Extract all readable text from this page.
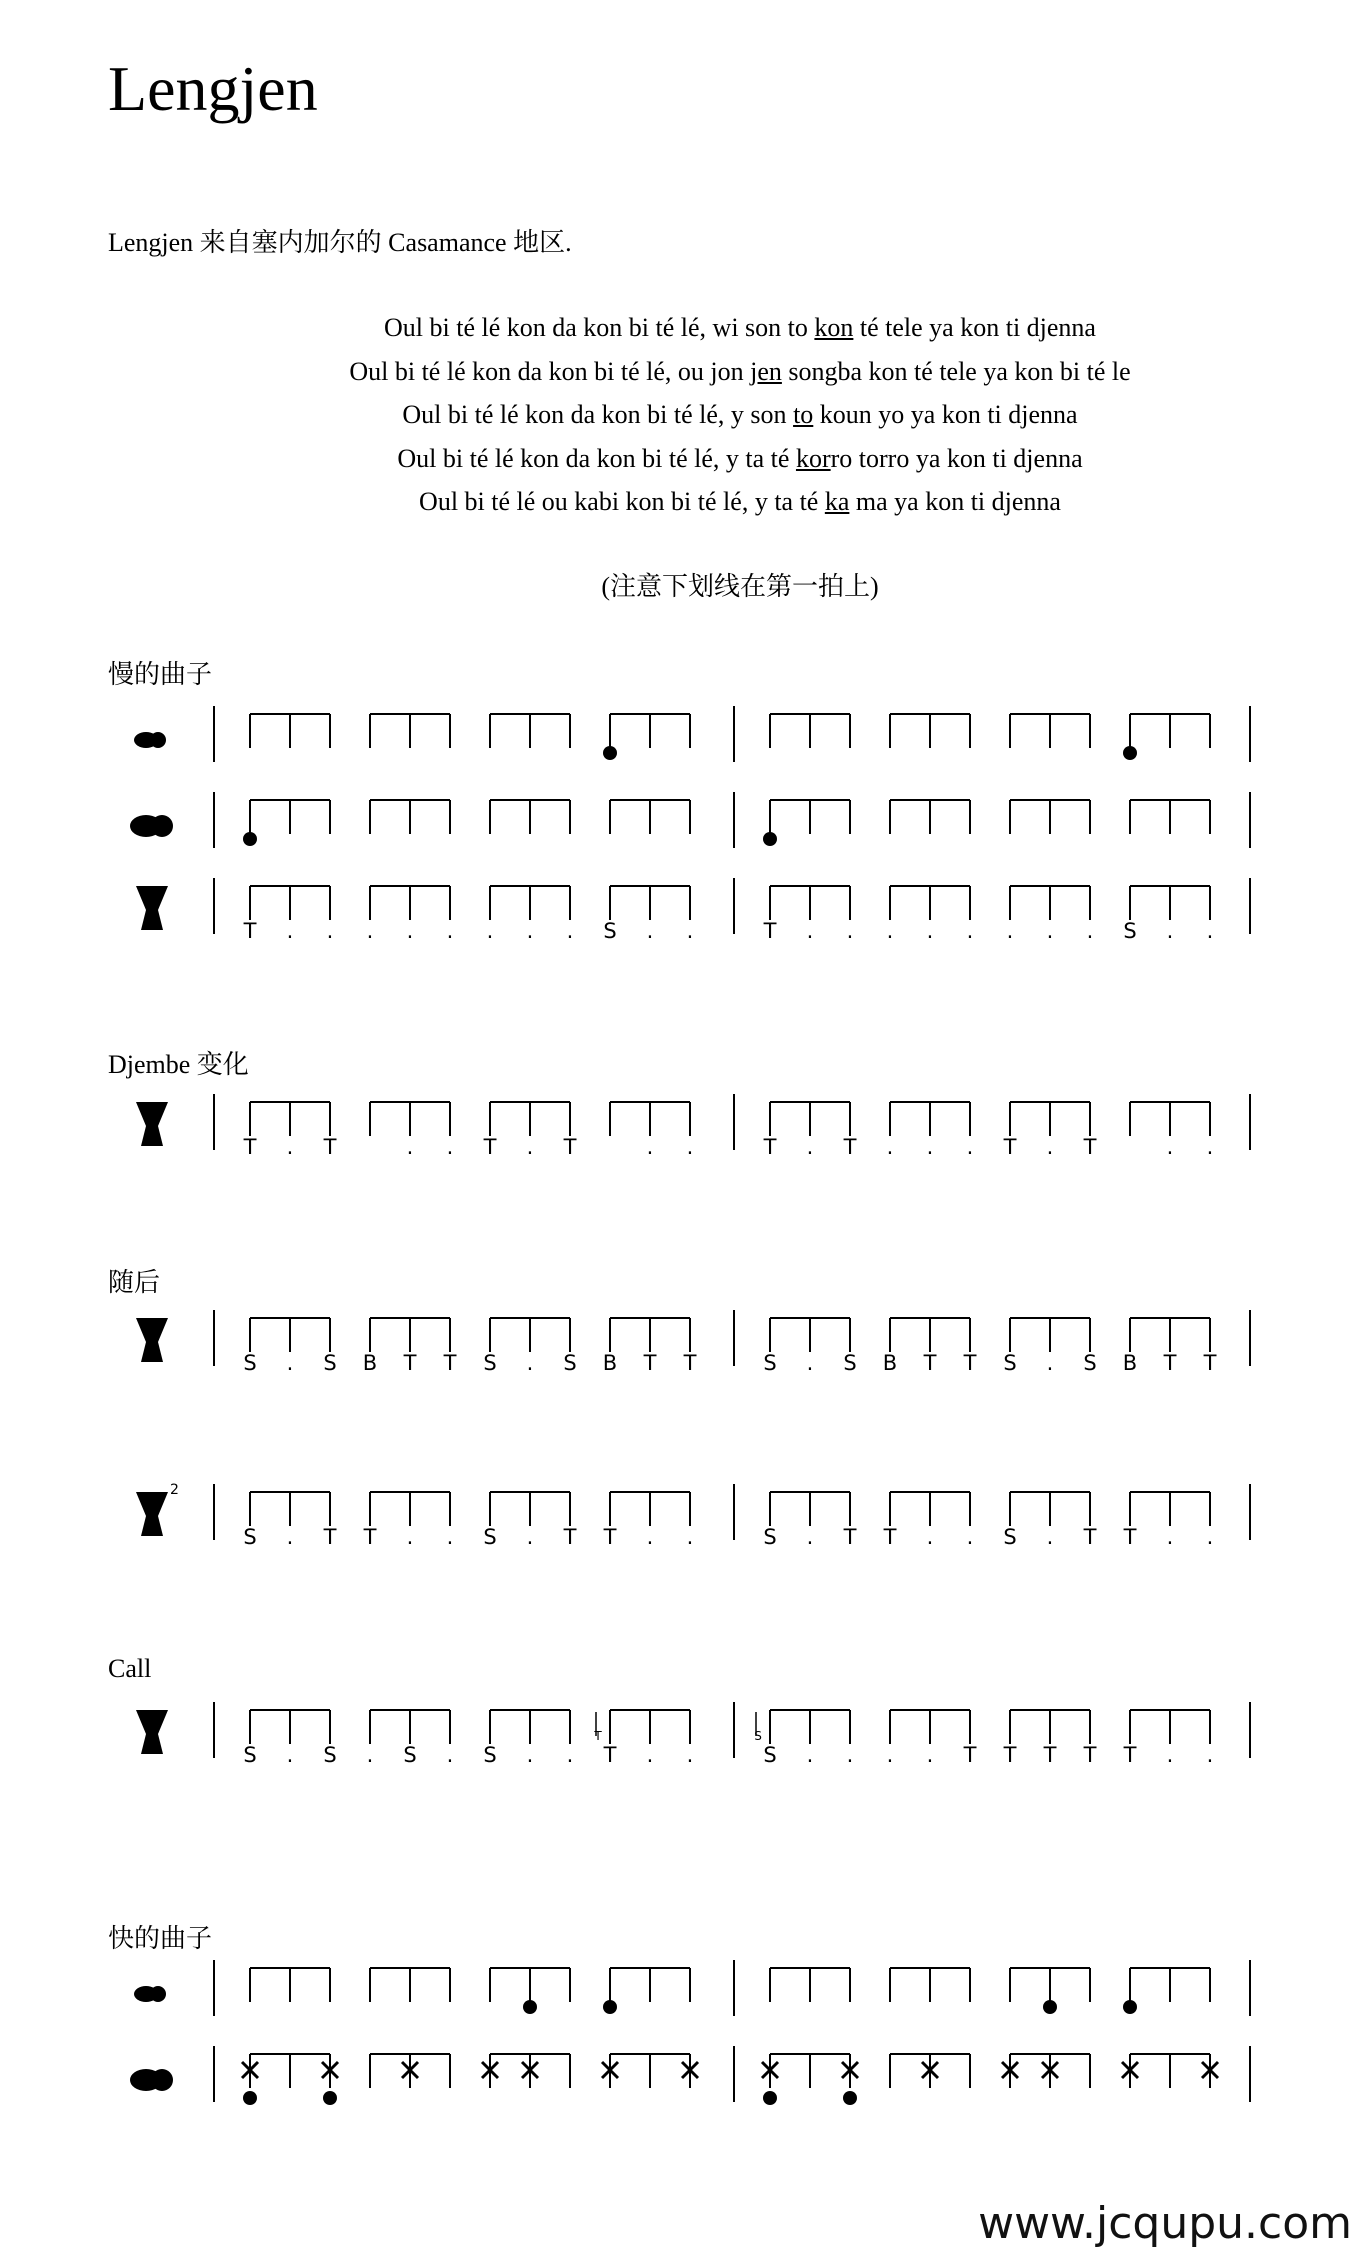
Lengjen
Lengjen 来自塞内加尔的 Casamance 地区.
Oul bi té lé kon da kon bi té lé, wi son to kon té tele ya kon ti djenna
Oul bi té lé kon da kon bi té lé, ou jon jen songba kon té tele ya kon bi té le
Oul bi té lé kon da kon bi té lé, y son to koun yo ya kon ti djenna
Oul bi té lé kon da kon bi té lé, y ta té korro torro ya kon ti djenna
Oul bi té lé ou kabi kon bi té lé, y ta té ka ma ya kon ti djenna
(注意下划线在第一拍上)
慢的曲子
Djembe 变化
随后
Call
快的曲子
T . . . . . . . . S . .	T . . . . . . . . S . .
T . T	. . T . T	. .	T . T . . . T . T	. .
S . S B T T S . S B T T	S . S B T T S . S B T T
2
S . T T . . S . T T . .	S . T T . . S . T T . .
S . S . S . S . . T . .	S . . . . T T T T T . .
T	S
www.jcqupu.com
